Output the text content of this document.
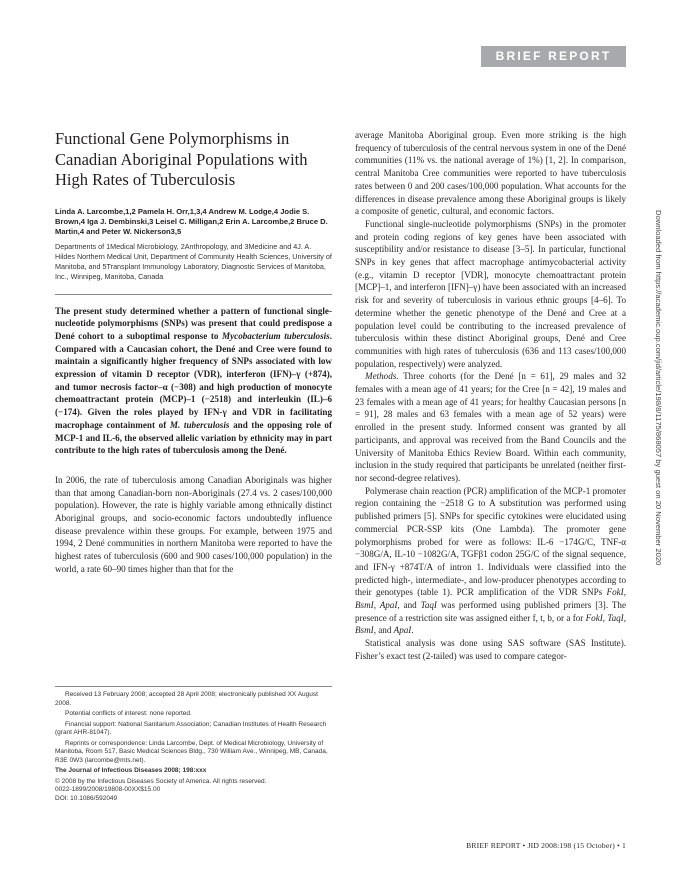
BRIEF REPORT
Functional Gene Polymorphisms in Canadian Aboriginal Populations with High Rates of Tuberculosis

Linda A. Larcombe,1,2 Pamela H. Orr,1,3,4 Andrew M. Lodge,4 Jodie S. Brown,4 Iga J. Dembinski,3 Leisel C. Milligan,2 Erin A. Larcombe,2 Bruce D. Martin,4 and Peter W. Nickerson3,5

Departments of 1Medical Microbiology, 2Anthropology, and 3Medicine and 4J. A. Hildes Northern Medical Unit, Department of Community Health Sciences, University of Manitoba, and 5Transplant Immunology Laboratory, Diagnostic Services of Manitoba, Inc., Winnipeg, Manitoba, Canada

The present study determined whether a pattern of functional single-nucleotide polymorphisms (SNPs) was present that could predispose a Dené cohort to a suboptimal response to Mycobacterium tuberculosis. Compared with a Caucasian cohort, the Dené and Cree were found to maintain a significantly higher frequency of SNPs associated with low expression of vitamin D receptor (VDR), interferon (IFN)–γ (+874), and tumor necrosis factor–α (−308) and high production of monocyte chemoattractant protein (MCP)–1 (−2518) and interleukin (IL)–6 (−174). Given the roles played by IFN-γ and VDR in facilitating macrophage containment of M. tuberculosis and the opposing role of MCP-1 and IL-6, the observed allelic variation by ethnicity may in part contribute to the high rates of tuberculosis among the Dené.

In 2006, the rate of tuberculosis among Canadian Aboriginals was higher than that among Canadian-born non-Aboriginals (27.4 vs. 2 cases/100,000 population). However, the rate is highly variable among ethnically distinct Aboriginal groups, and socio-economic factors undoubtedly influence disease prevalence within these groups. For example, between 1975 and 1994, 2 Dené communities in northern Manitoba were reported to have the highest rates of tuberculosis (600 and 900 cases/100,000 population) in the world, a rate 60–90 times higher than that for the

Received 13 February 2008; accepted 28 April 2008; electronically published XX August 2008.

Potential conflicts of interest: none reported.

Financial support: National Sanitarium Association; Canadian Institutes of Health Research (grant AHR-81047).

Reprints or correspondence: Linda Larcombe, Dept. of Medical Microbiology, University of Manitoba, Room 517, Basic Medical Sciences Bldg., 730 William Ave., Winnipeg, MB, Canada, R3E 0W3 (larcombe@mts.net).

The Journal of Infectious Diseases 2008; 198:xxx

© 2008 by the Infectious Diseases Society of America. All rights reserved.

0022-1899/2008/19808-00XX$15.00

DOI: 10.1086/592049

average Manitoba Aboriginal group. Even more striking is the high frequency of tuberculosis of the central nervous system in one of the Dené communities (11% vs. the national average of 1%) [1, 2]. In comparison, central Manitoba Cree communities were reported to have tuberculosis rates between 0 and 200 cases/100,000 population. What accounts for the differences in disease prevalence among these Aboriginal groups is likely a composite of genetic, cultural, and economic factors.

Functional single-nucleotide polymorphisms (SNPs) in the promoter and protein coding regions of key genes have been associated with susceptibility and/or resistance to disease [3–5]. In particular, functional SNPs in key genes that affect macrophage antimycobacterial activity (e.g., vitamin D receptor [VDR], monocyte chemoattractant protein [MCP]–1, and interferon [IFN]–γ) have been associated with an increased risk for and severity of tuberculosis in various ethnic groups [4–6]. To determine whether the genetic phenotype of the Dené and Cree at a population level could be contributing to the increased prevalence of tuberculosis within these distinct Aboriginal groups, Dené and Cree communities with high rates of tuberculosis (636 and 113 cases/100,000 population, respectively) were analyzed.

Methods. Three cohorts (for the Dené [n = 61], 29 males and 32 females with a mean age of 41 years; for the Cree [n = 42], 19 males and 23 females with a mean age of 41 years; for healthy Caucasian persons [n = 91], 28 males and 63 females with a mean age of 52 years) were enrolled in the present study. Informed consent was granted by all participants, and approval was received from the Band Councils and the University of Manitoba Ethics Review Board. Within each community, inclusion in the study required that participants be unrelated (neither first- nor second-degree relatives).

Polymerase chain reaction (PCR) amplification of the MCP-1 promoter region containing the −2518 G to A substitution was performed using published primers [5]. SNPs for specific cytokines were elucidated using commercial PCR-SSP kits (One Lambda). The promoter gene polymorphisms probed for were as follows: IL-6 −174G/C, TNF-α −308G/A, IL-10 −1082G/A, TGFβ1 codon 25G/C of the signal sequence, and IFN-γ +874T/A of intron 1. Individuals were classified into the predicted high-, intermediate-, and low-producer phenotypes according to their genotypes (table 1). PCR amplification of the VDR SNPs FokI, BsmI, ApaI, and TaqI was performed using published primers [3]. The presence of a restriction site was assigned either f, t, b, or a for FokI, TaqI, BsmI, and ApaI.

Statistical analysis was done using SAS software (SAS Institute). Fisher’s exact test (2-tailed) was used to compare categor-

BRIEF REPORT • JID 2008:198 (15 October) • 1
Downloaded from https://academic.oup.com/jid/article/198/8/1175/868057 by guest on 20 November 2020
